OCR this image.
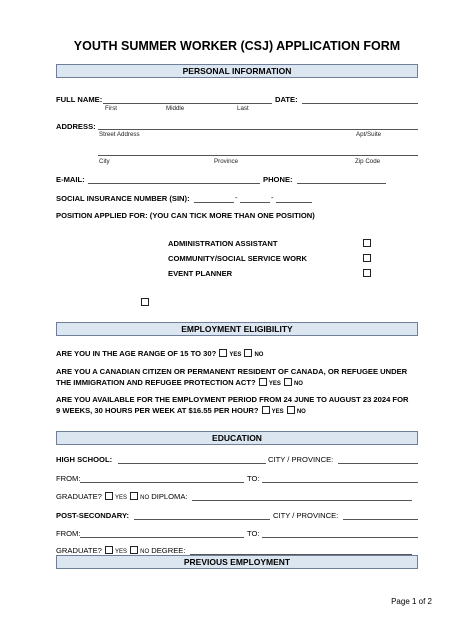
YOUTH SUMMER WORKER (CSJ) APPLICATION FORM
PERSONAL INFORMATION
FULL NAME:
First	Middle	Last
DATE:
ADDRESS:
Street Address	Apt/Suite
City	Province	Zip Code
E-MAIL:	PHONE:
SOCIAL INSURANCE NUMBER (SIN):	-	-
POSITION APPLIED FOR: (YOU CAN TICK MORE THAN ONE POSITION)
ADMINISTRATION ASSISTANT
COMMUNITY/SOCIAL SERVICE WORK
EVENT PLANNER
EMPLOYMENT ELIGIBILITY
ARE YOU IN THE AGE RANGE OF 15 TO 30? YES NO
ARE YOU A CANADIAN CITIZEN OR PERMANENT RESIDENT OF CANADA, OR REFUGEE UNDER
THE IMMIGRATION AND REFUGEE PROTECTION ACT? YES NO
ARE YOU AVAILABLE FOR THE EMPLOYMENT PERIOD FROM 24 JUNE TO AUGUST 23 2024 FOR
9 WEEKS, 30 HOURS PER WEEK AT $16.55 PER HOUR? YES NO
EDUCATION
HIGH SCHOOL:	CITY / PROVINCE:
FROM:	TO:
GRADUATE? YES NO DIPLOMA:
POST-SECONDARY:	CITY / PROVINCE:
FROM:	TO:
GRADUATE? YES NO DEGREE:
PREVIOUS EMPLOYMENT
Page 1 of 2
